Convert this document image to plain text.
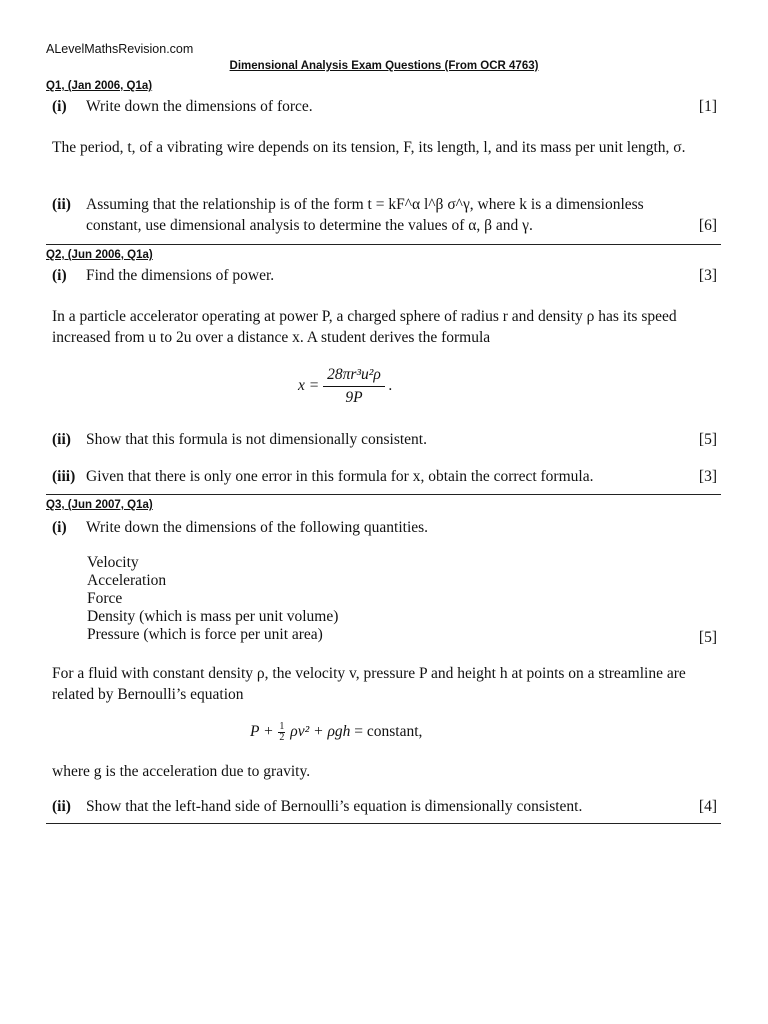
ALevelMathsRevision.com
Dimensional Analysis Exam Questions (From OCR 4763)
Q1, (Jan 2006, Q1a)
(i) Write down the dimensions of force.	[1]
The period, t, of a vibrating wire depends on its tension, F, its length, l, and its mass per unit length, σ.
(ii) Assuming that the relationship is of the form t = kF^α l^β σ^γ, where k is a dimensionless
constant, use dimensional analysis to determine the values of α, β and γ.	[6]
Q2, (Jun 2006, Q1a)
(i) Find the dimensions of power.	[3]
In a particle accelerator operating at power P, a charged sphere of radius r and density ρ has its speed increased from u to 2u over a distance x. A student derives the formula
$x = \frac{\text{28πr³u²ρ}}{9P}$ .
(ii) Show that this formula is not dimensionally consistent.	[5]
(iii) Given that there is only one error in this formula for x, obtain the correct formula.	[3]
Q3, (Jun 2007, Q1a)
(i) Write down the dimensions of the following quantities.
Velocity
Acceleration
Force
Density (which is mass per unit volume)
Pressure (which is force per unit area)	[5]
For a fluid with constant density ρ, the velocity v, pressure P and height h at points on a streamline are related by Bernoulli’s equation
$P + \frac{1}{2} \rho v^2 + \rho gh$ = constant,
where g is the acceleration due to gravity.
(ii) Show that the left-hand side of Bernoulli’s equation is dimensionally consistent.	[4]
